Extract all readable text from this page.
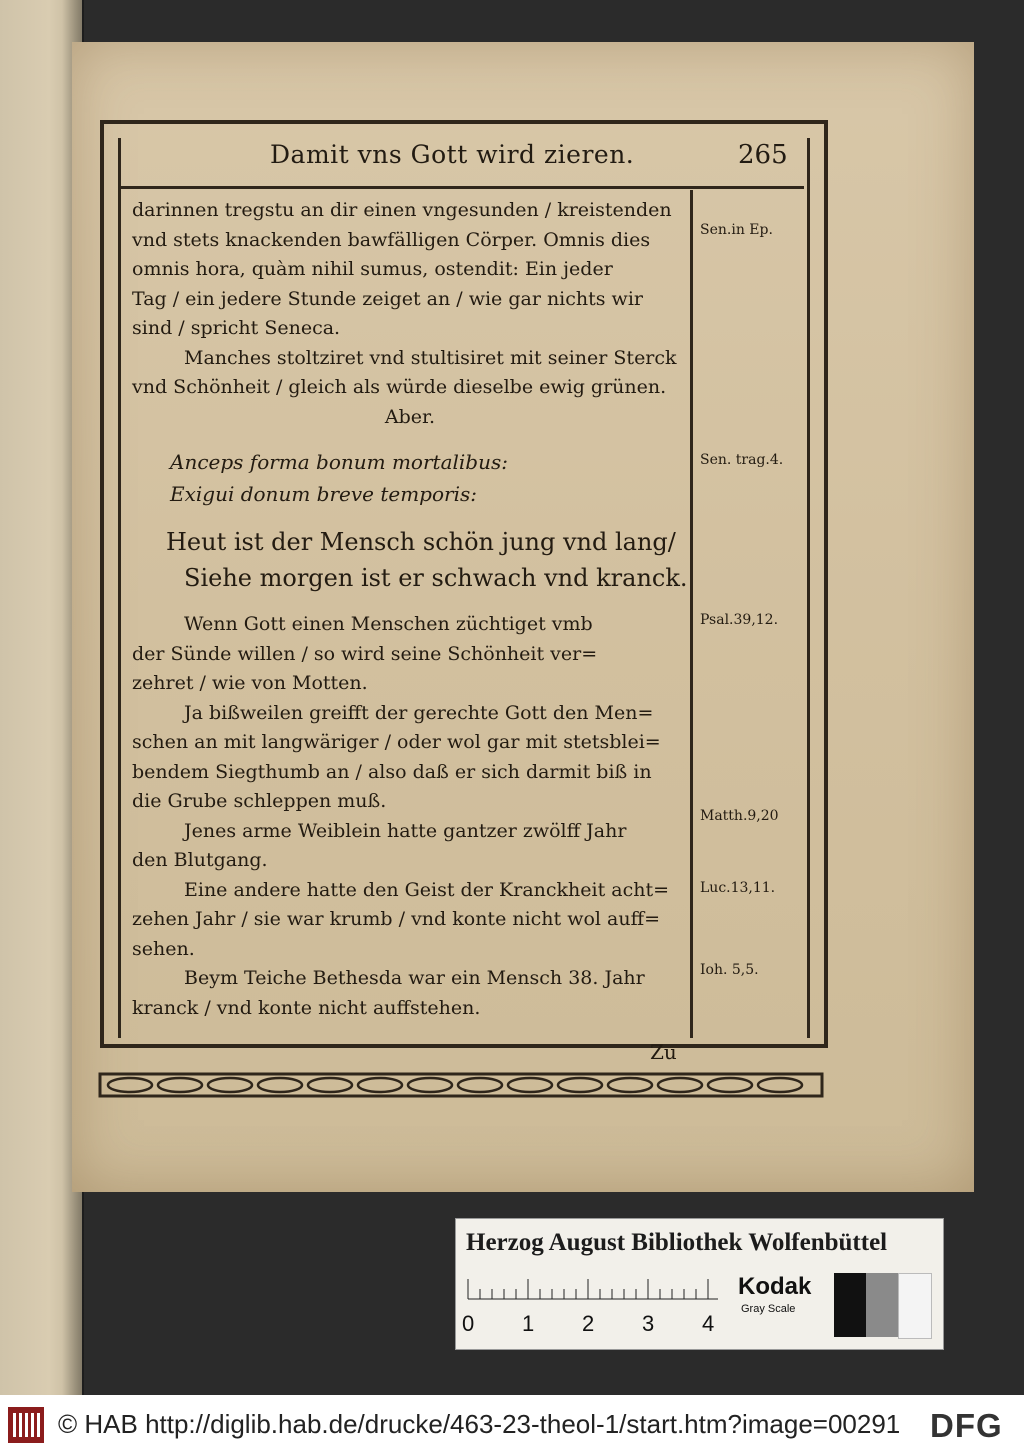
Damit vns Gott wird zieren.	265
darinnen tregstu an dir einen vngesunden / kreistenden
vnd stets knackenden bawfälligen Cörper. Omnis dies
omnis hora, quàm nihil sumus, ostendit: Ein jeder
Tag / ein jedere Stunde zeiget an / wie gar nichts wir
sind / spricht Seneca.
Manches stoltziret vnd stultisiret mit seiner Sterck
vnd Schönheit / gleich als würde dieselbe ewig grünen.
Aber.
Anceps forma bonum mortalibus:
Exigui donum breve temporis:
Heut ist der Mensch schön jung vnd lang/
Siehe morgen ist er schwach vnd kranck.
Wenn Gott einen Menschen züchtiget vmb
der Sünde willen / so wird seine Schönheit ver=
zehret / wie von Motten.
Ja bißweilen greifft der gerechte Gott den Men=
schen an mit langwäriger / oder wol gar mit stetsblei=
bendem Siegthumb an / also daß er sich darmit biß in
die Grube schleppen muß.
Jenes arme Weiblein hatte gantzer zwölff Jahr
den Blutgang.
Eine andere hatte den Geist der Kranckheit acht=
zehen Jahr / sie war krumb / vnd konte nicht wol auff=
sehen.
Beym Teiche Bethesda war ein Mensch 38. Jahr
kranck / vnd konte nicht auffstehen.
Sen.in Ep.
Sen. trag.4.
Psal.39,12.
Matth.9,20
Luc.13,11.
Ioh. 5,5.
Zu
Herzog August Bibliothek Wolfenbüttel
0 1 2 3 4
Kodak
Gray Scale
© HAB http://diglib.hab.de/drucke/463-23-theol-1/start.htm?image=00291 DFG
